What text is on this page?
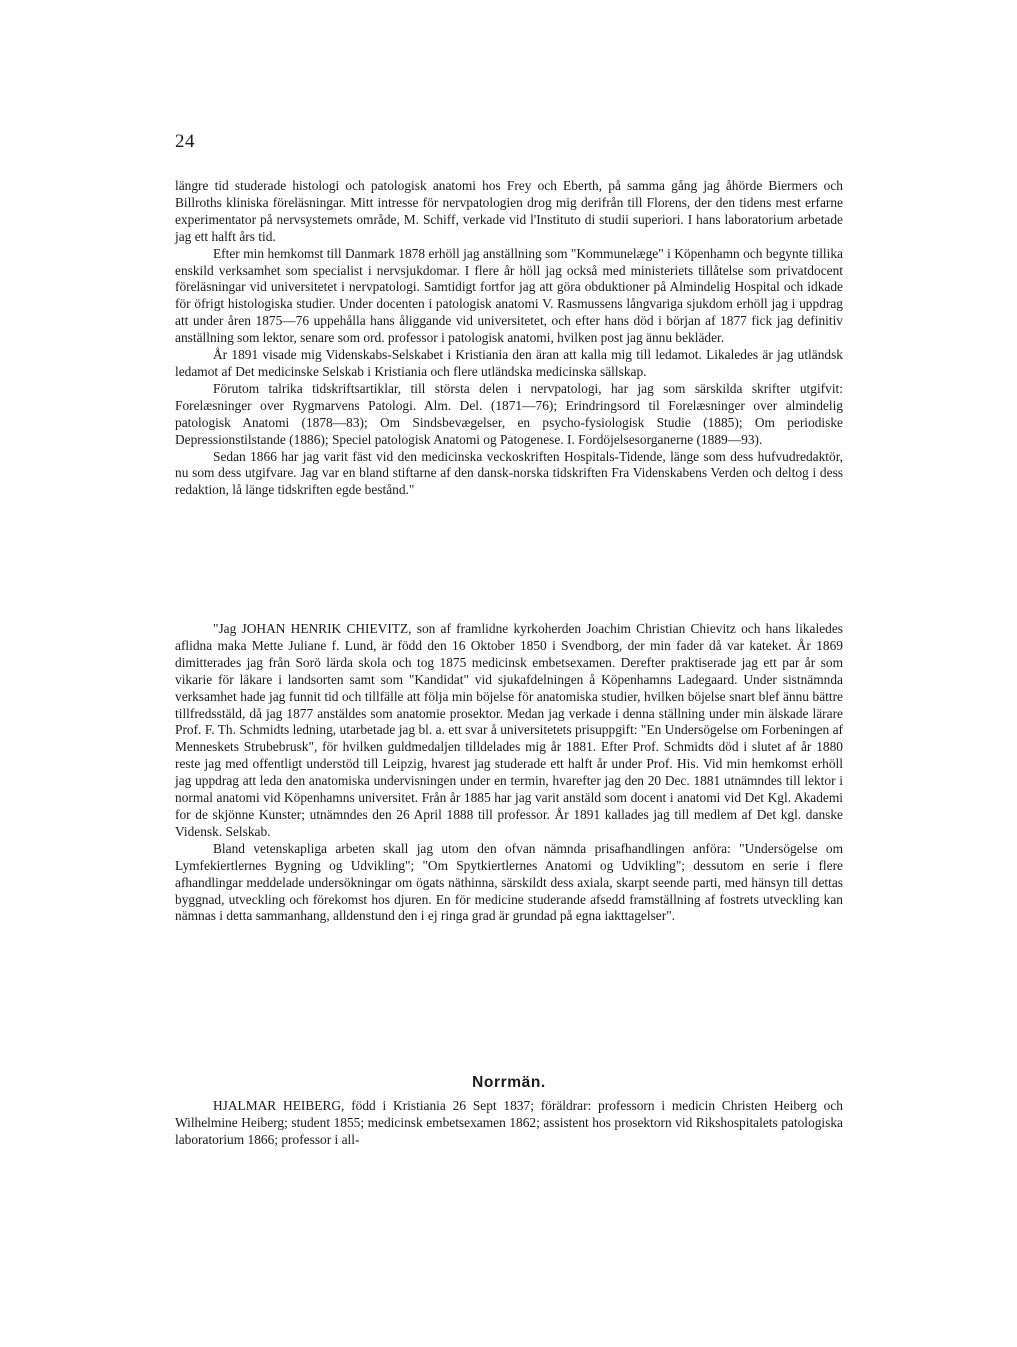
24

längre tid studerade histologi och patologisk anatomi hos Frey och Eberth, på samma gång jag åhörde Biermers och Billroths kliniska föreläsningar. Mitt intresse för nervpatologien drog mig derifrån till Florens, der den tidens mest erfarne experimentator på nervsystemets område, M. Schiff, verkade vid l'Instituto di studii superiori. I hans laboratorium arbetade jag ett halft års tid.

Efter min hemkomst till Danmark 1878 erhöll jag anställning som "Kommunelæge" i Köpenhamn och begynte tillika enskild verksamhet som specialist i nervsjukdomar. I flere år höll jag också med ministeriets tillåtelse som privatdocent föreläsningar vid universitetet i nervpatologi. Samtidigt fortfor jag att göra obduktioner på Almindelig Hospital och idkade för öfrigt histologiska studier. Under docenten i patologisk anatomi V. Rasmussens långvariga sjukdom erhöll jag i uppdrag att under åren 1875—76 uppehålla hans åliggande vid universitetet, och efter hans död i början af 1877 fick jag definitiv anställning som lektor, senare som ord. professor i patologisk anatomi, hvilken post jag ännu bekläder.

År 1891 visade mig Videnskabs-Selskabet i Kristiania den äran att kalla mig till ledamot. Likaledes är jag utländsk ledamot af Det medicinske Selskab i Kristiania och flere utländska medicinska sällskap.

Förutom talrika tidskriftsartiklar, till största delen i nervpatologi, har jag som särskilda skrifter utgifvit: Forelæsninger over Rygmarvens Patologi. Alm. Del. (1871—76); Erindringsord til Forelæsninger over almindelig patologisk Anatomi (1878—83); Om Sindsbevægelser, en psycho-fysiologisk Studie (1885); Om periodiske Depressionstilstande (1886); Speciel patologisk Anatomi og Patogenese. I. Fordöjelsesorganerne (1889—93).

Sedan 1866 har jag varit fäst vid den medicinska veckoskriften Hospitals-Tidende, länge som dess hufvudredaktör, nu som dess utgifvare. Jag var en bland stiftarne af den dansk-norska tidskriften Fra Videnskabens Verden och deltog i dess redaktion, lå länge tidskriften egde bestånd."

"Jag JOHAN HENRIK CHIEVITZ, son af framlidne kyrkoherden Joachim Christian Chievitz och hans likaledes aflidna maka Mette Juliane f. Lund, är född den 16 Oktober 1850 i Svendborg, der min fader då var kateket. År 1869 dimitterades jag från Sorö lärda skola och tog 1875 medicinsk embetsexamen. Derefter praktiserade jag ett par år som vikarie för läkare i landsorten samt som "Kandidat" vid sjukafdelningen å Köpenhamns Ladegaard. Under sistnämnda verksamhet hade jag funnit tid och tillfälle att följa min böjelse för anatomiska studier, hvilken böjelse snart blef ännu bättre tillfredsstäld, då jag 1877 anstäldes som anatomie prosektor. Medan jag verkade i denna ställning under min älskade lärare Prof. F. Th. Schmidts ledning, utarbetade jag bl. a. ett svar å universitetets prisuppgift: "En Undersögelse om Forbeningen af Menneskets Strubebrusk", för hvilken guldmedaljen tilldelades mig år 1881. Efter Prof. Schmidts död i slutet af år 1880 reste jag med offentligt understöd till Leipzig, hvarest jag studerade ett halft år under Prof. His. Vid min hemkomst erhöll jag uppdrag att leda den anatomiska undervisningen under en termin, hvarefter jag den 20 Dec. 1881 utnämndes till lektor i normal anatomi vid Köpenhamns universitet. Från år 1885 har jag varit anstäld som docent i anatomi vid Det Kgl. Akademi for de skjönne Kunster; utnämndes den 26 April 1888 till professor. År 1891 kallades jag till medlem af Det kgl. danske Vidensk. Selskab.

Bland vetenskapliga arbeten skall jag utom den ofvan nämnda prisafhandlingen anföra: "Undersögelse om Lymfekiertlernes Bygning og Udvikling"; "Om Spytkiertlernes Anatomi og Udvikling"; dessutom en serie i flere afhandlingar meddelade undersökningar om ögats näthinna, särskildt dess axiala, skarpt seende parti, med hänsyn till dettas byggnad, utveckling och förekomst hos djuren. En för medicine studerande afsedd framställning af fostrets utveckling kan nämnas i detta sammanhang, alldenstund den i ej ringa grad är grundad på egna iakttagelser".

Norrmän.

HJALMAR HEIBERG, född i Kristiania 26 Sept 1837; föräldrar: professorn i medicin Christen Heiberg och Wilhelmine Heiberg; student 1855; medicinsk embetsexamen 1862; assistent hos prosektorn vid Rikshospitalets patologiska laboratorium 1866; professor i all-
